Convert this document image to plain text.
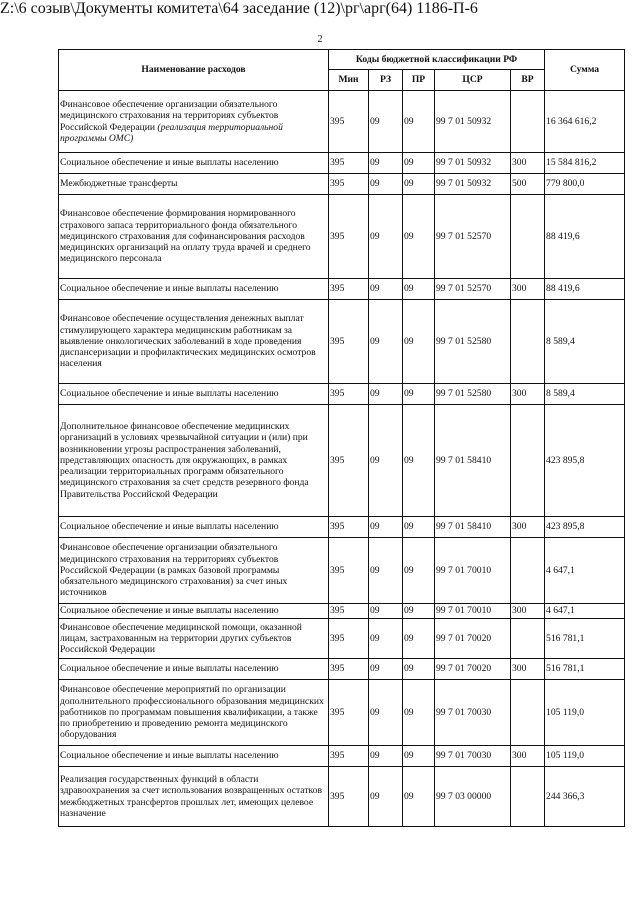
2
Наименование расходов	Коды бюджетной классификации РФ					Сумма
	Мин	РЗ	ПР	ЦСР	ВР	
Финансовое обеспечение организации обязательного медицинского страхования на территориях субъектов Российской Федерации (реализация территориальной программы ОМС)	395	09	09	99 7 01 50932		16 364 616,2
Социальное обеспечение и иные выплаты населению	395	09	09	99 7 01 50932	300	15 584 816,2
Межбюджетные трансферты	395	09	09	99 7 01 50932	500	779 800,0
Финансовое обеспечение формирования нормированного страхового запаса территориального фонда обязательного медицинского страхования для софинансирования расходов медицинских организаций на оплату труда врачей и среднего медицинского персонала	395	09	09	99 7 01 52570		88 419,6
Социальное обеспечение и иные выплаты населению	395	09	09	99 7 01 52570	300	88 419,6
Финансовое обеспечение осуществления денежных выплат стимулирующего характера медицинским работникам за выявление онкологических заболеваний в ходе проведения диспансеризации и профилактических медицинских осмотров населения	395	09	09	99 7 01 52580		8 589,4
Социальное обеспечение и иные выплаты населению	395	09	09	99 7 01 52580	300	8 589,4
Дополнительное финансовое обеспечение медицинских организаций в условиях чрезвычайной ситуации и (или) при возникновении угрозы распространения заболеваний, представляющих опасность для окружающих, в рамках реализации территориальных программ обязательного медицинского страхования за счет средств резервного фонда Правительства Российской Федерации	395	09	09	99 7 01 58410		423 895,8
Социальное обеспечение и иные выплаты населению	395	09	09	99 7 01 58410	300	423 895,8
Финансовое обеспечение организации обязательного медицинского страхования на территориях субъектов Российской Федерации (в рамках базовой программы обязательного медицинского страхования) за счет иных источников	395	09	09	99 7 01 70010		4 647,1
Социальное обеспечение и иные выплаты населению	395	09	09	99 7 01 70010	300	4 647,1
Финансовое обеспечение медицинской помощи, оказанной лицам, застрахованным на территории других субъектов Российской Федерации	395	09	09	99 7 01 70020		516 781,1
Социальное обеспечение и иные выплаты населению	395	09	09	99 7 01 70020	300	516 781,1
Финансовое обеспечение мероприятий по организации дополнительного профессионального образования медицинских работников по программам повышения квалификации, а также по приобретению и проведению ремонта медицинского оборудования	395	09	09	99 7 01 70030		105 119,0
Социальное обеспечение и иные выплаты населению	395	09	09	99 7 01 70030	300	105 119,0
Реализация государственных функций в области здравоохранения за счет использования возвращенных остатков межбюджетных трансфертов прошлых лет, имеющих целевое назначение	395	09	09	99 7 03 00000		244 366,3
Z:\6 созыв\Документы комитета\64 заседание (12)\рг\арг(64) 1186-П-6
